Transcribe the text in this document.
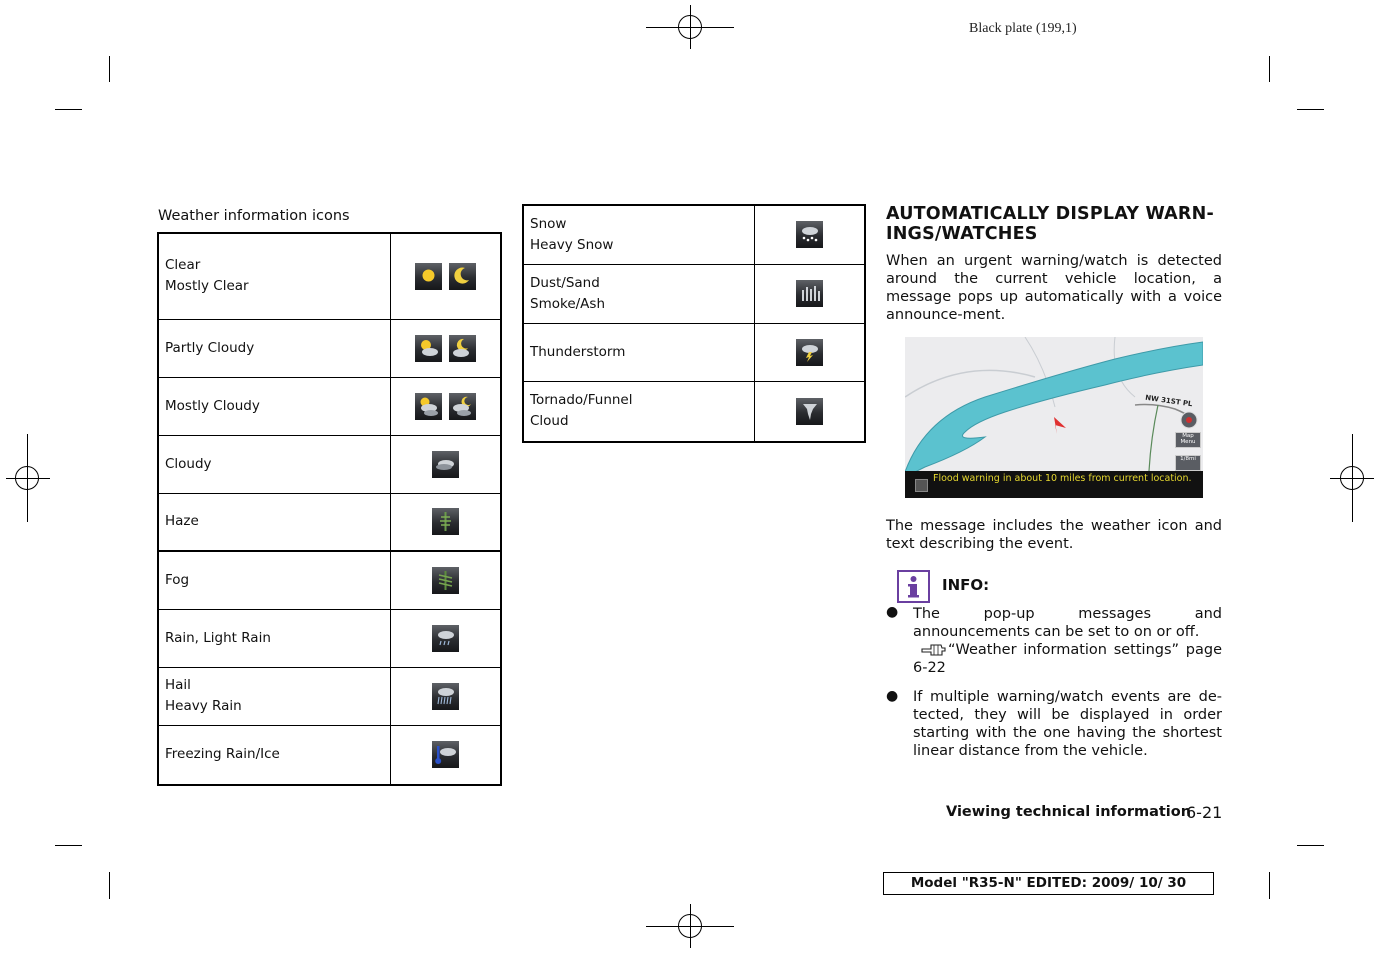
Black plate (199,1)
Weather information icons
Clear
Mostly Clear

Partly Cloudy	

Mostly Cloudy	

Cloudy	

Haze	

Fog	

Rain, Light Rain	

Hail
Heavy Rain

Freezing Rain/Ice	
Snow
Heavy Snow

Dust/Sand
Smoke/Ash

Thunderstorm	

Tornado/Funnel
Cloud

AUTOMATICALLY DISPLAY WARN-
INGS/WATCHES
When an urgent warning/watch is detected around the current vehicle location, a message pops up automatically with a voice announce-ment.
NW 31ST PL
Map Menu
1/8mi
Flood warning in about 10 miles from current location.
The message includes the weather icon and text describing the event.
INFO:
● The pop-up messages and announcements can be set to on or off.
“Weather information settings” page 6-22
● If multiple warning/watch events are de-tected, they will be displayed in order starting with the one having the shortest linear distance from the vehicle.
Viewing technical information
6-21
Model "R35-N" EDITED: 2009/ 10/ 30
